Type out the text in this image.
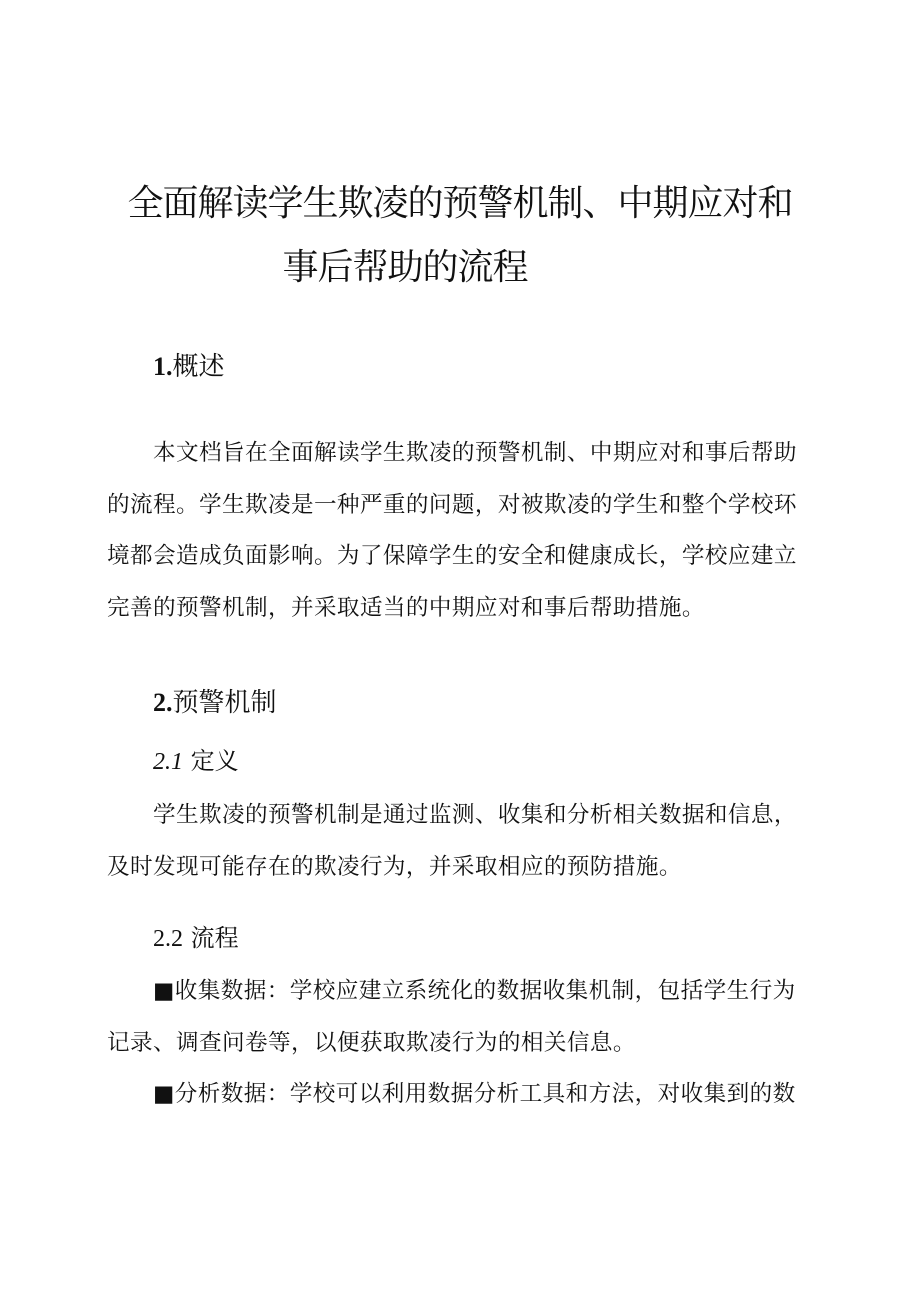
全面解读学生欺凌的预警机制、中期应对和
事后帮助的流程
1.概述
本文档旨在全面解读学生欺凌的预警机制、中期应对和事后帮助
的流程。学生欺凌是一种严重的问题，对被欺凌的学生和整个学校环
境都会造成负面影响。为了保障学生的安全和健康成长，学校应建立
完善的预警机制，并采取适当的中期应对和事后帮助措施。
2.预警机制
2.1 定义
学生欺凌的预警机制是通过监测、收集和分析相关数据和信息，
及时发现可能存在的欺凌行为，并采取相应的预防措施。
2.2 流程
■收集数据：学校应建立系统化的数据收集机制，包括学生行为
记录、调查问卷等，以便获取欺凌行为的相关信息。
■分析数据：学校可以利用数据分析工具和方法，对收集到的数
